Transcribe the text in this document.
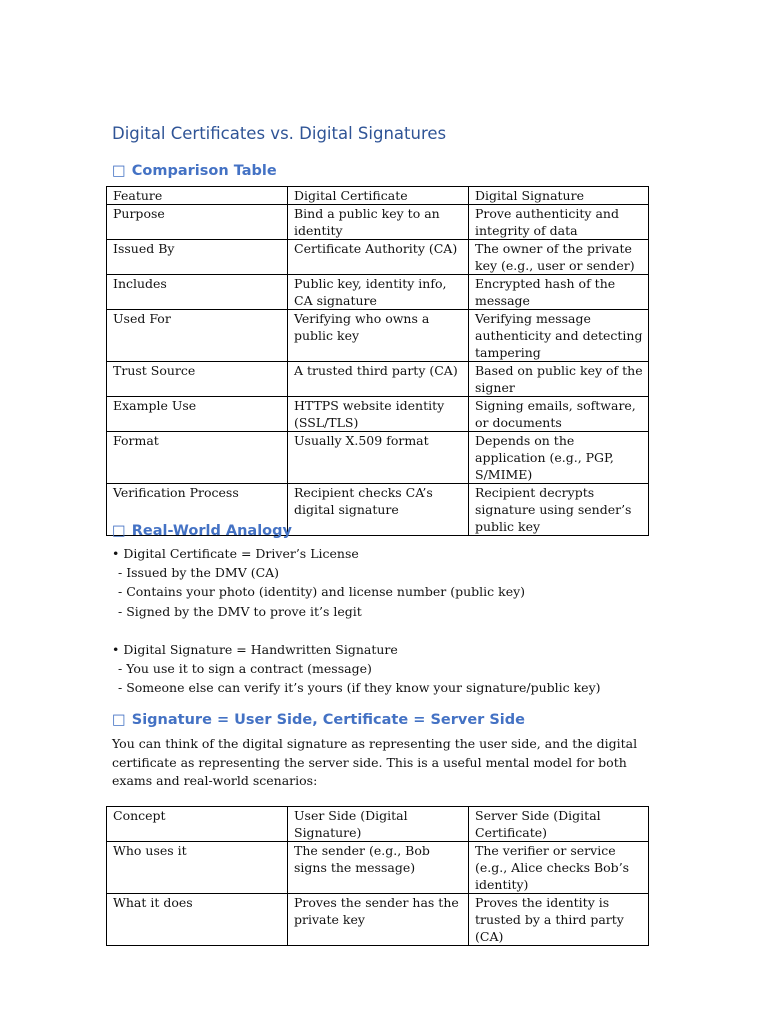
Digital Certificates vs. Digital Signatures
□ Comparison Table
Feature	Digital Certificate	Digital Signature
Purpose	Bind a public key to an identity	Prove authenticity and integrity of data
Issued By	Certificate Authority (CA)	The owner of the private key (e.g., user or sender)
Includes	Public key, identity info, CA signature	Encrypted hash of the message
Used For	Verifying who owns a public key	Verifying message authenticity and detecting tampering
Trust Source	A trusted third party (CA)	Based on public key of the signer
Example Use	HTTPS website identity (SSL/TLS)	Signing emails, software, or documents
Format	Usually X.509 format	Depends on the application (e.g., PGP, S/MIME)
Verification Process	Recipient checks CA’s digital signature	Recipient decrypts signature using sender’s public key
□ Real-World Analogy
• Digital Certificate = Driver’s License
- Issued by the DMV (CA)
- Contains your photo (identity) and license number (public key)
- Signed by the DMV to prove it’s legit
• Digital Signature = Handwritten Signature
- You use it to sign a contract (message)
- Someone else can verify it’s yours (if they know your signature/public key)
□ Signature = User Side, Certificate = Server Side

You can think of the digital signature as representing the user side, and the digital certificate as representing the server side. This is a useful mental model for both exams and real-world scenarios:

Concept	User Side (Digital Signature)	Server Side (Digital Certificate)
Who uses it	The sender (e.g., Bob signs the message)	The verifier or service (e.g., Alice checks Bob’s identity)
What it does	Proves the sender has the private key	Proves the identity is trusted by a third party (CA)
